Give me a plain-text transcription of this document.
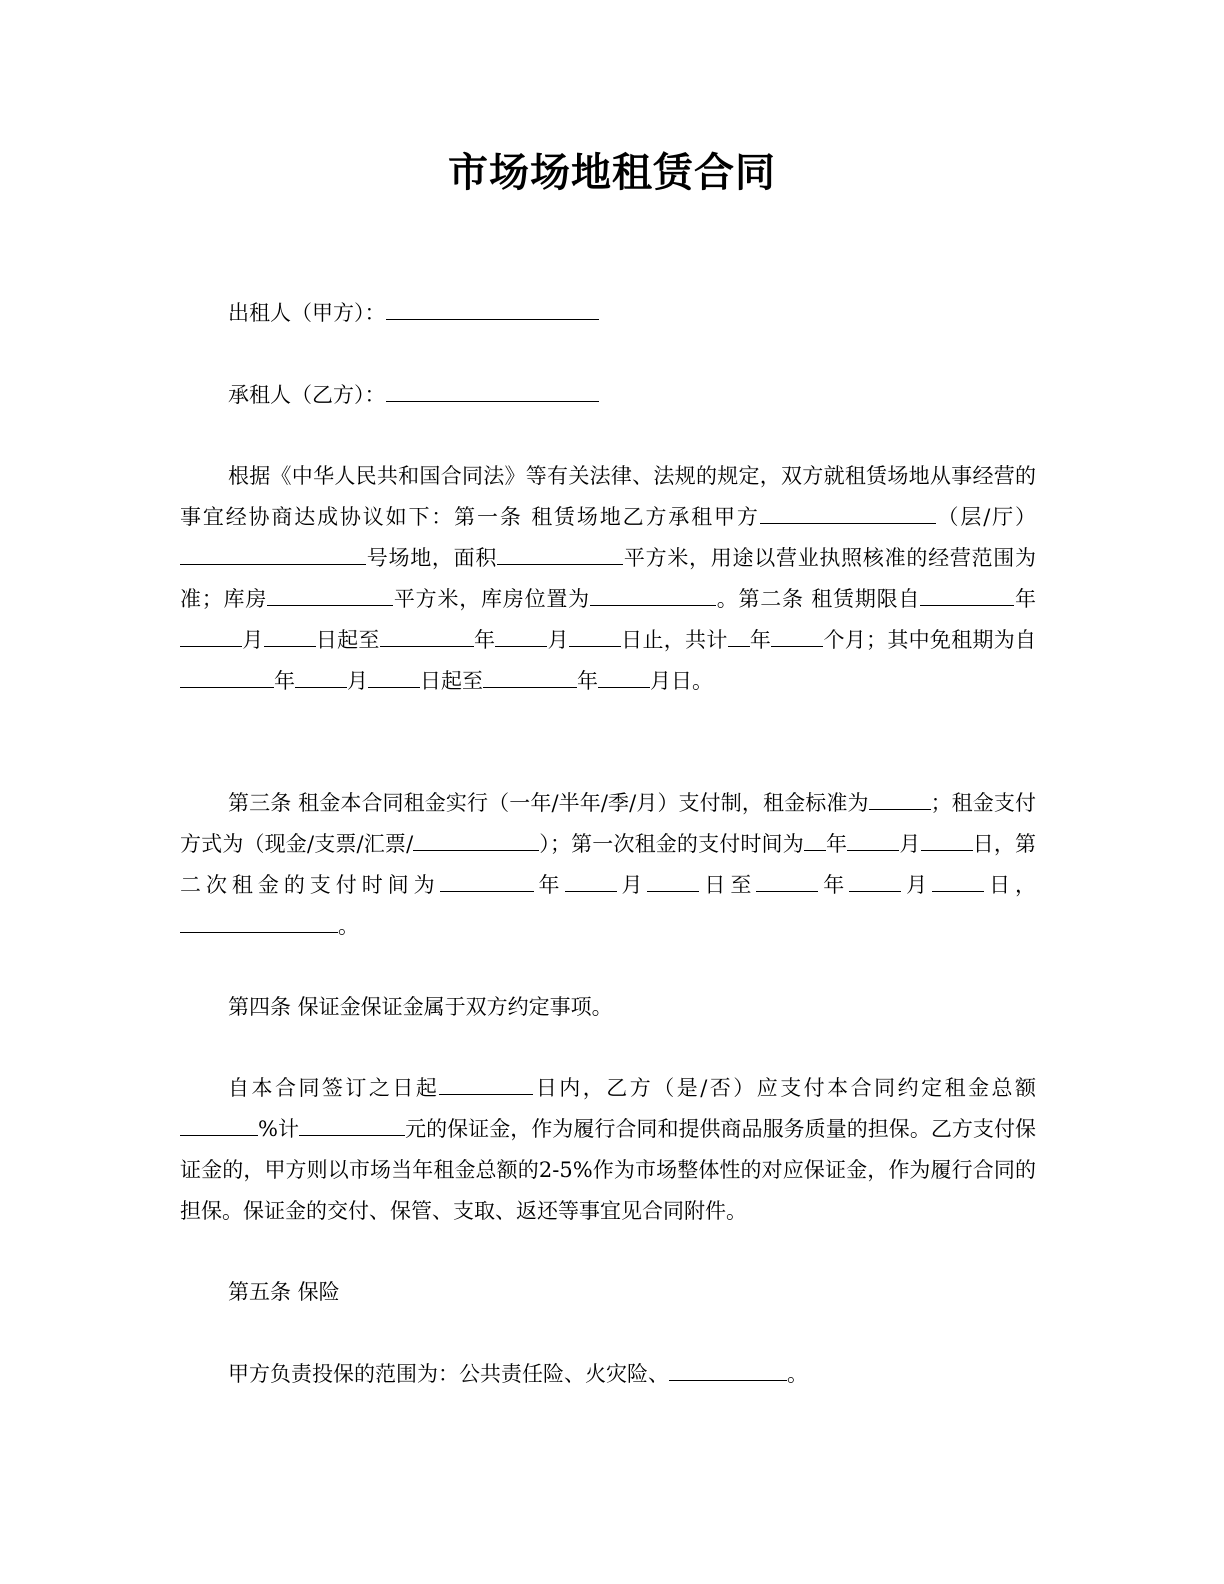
市场场地租赁合同
出租人（甲方）：
承租人（乙方）：
根据《中华人民共和国合同法》等有关法律、法规的规定，双方就租赁场地从事经营的事宜经协商达成协议如下：第一条 租赁场地乙方承租甲方	（层/厅）号场地，面积	平方米，用途以营业执照核准的经营范围为准；库房	平方米，库房位置为	。第二条 租赁期限自	年月 日起至	年 月 日止，共计 年 个月；其中免租期为自年 月 日起至	年 月日。
第三条 租金本合同租金实行（一年/半年/季/月）支付制，租金标准为	；租金支付方式为（现金/支票/汇票/	）；第一次租金的支付时间为 年 月 日，第二次租金的支付时间为	年 月 日至	年 月 日，。
第四条 保证金保证金属于双方约定事项。
自本合同签订之日起	日内，乙方（是/否）应支付本合同约定租金总额%计	元的保证金，作为履行合同和提供商品服务质量的担保。乙方支付保证金的，甲方则以市场当年租金总额的2-5%作为市场整体性的对应保证金，作为履行合同的担保。保证金的交付、保管、支取、返还等事宜见合同附件。
第五条 保险
甲方负责投保的范围为：公共责任险、火灾险、	。
